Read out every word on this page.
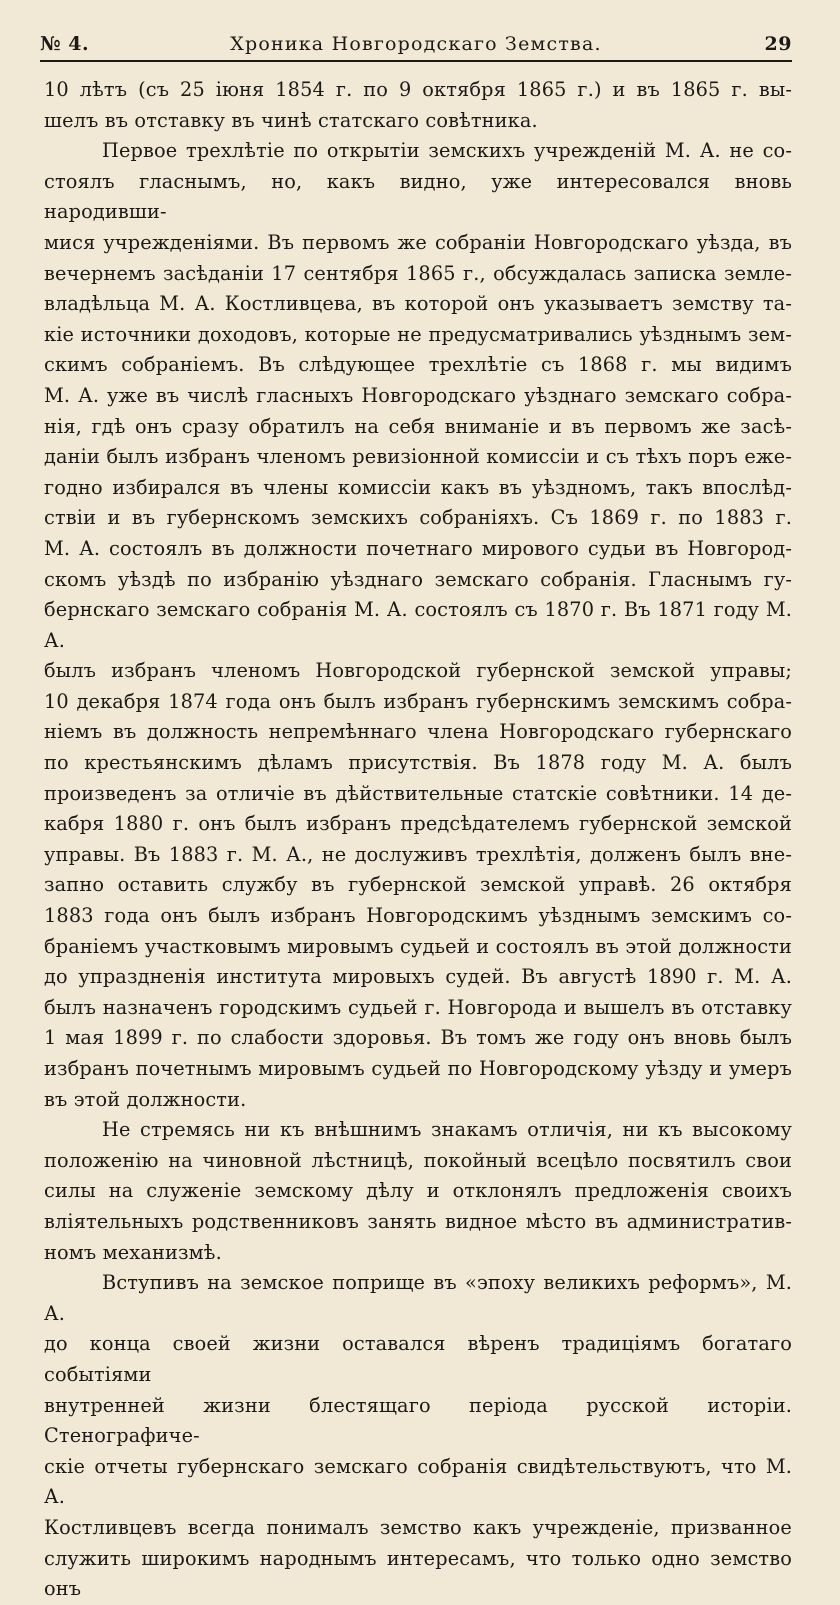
№ 4.	Хроника Новгородскаго Земства.	29

10 лѣтъ (съ 25 іюня 1854 г. по 9 октября 1865 г.) и въ 1865 г. вы-

шелъ въ отставку въ чинѣ статскаго совѣтника.

Первое трехлѣтіе по открытіи земскихъ учрежденій М. А. не со-

стоялъ гласнымъ, но, какъ видно, уже интересовался вновь народивши-

мися учрежденіями. Въ первомъ же собраніи Новгородскаго уѣзда, въ

вечернемъ засѣданіи 17 сентября 1865 г., обсуждалась записка земле-

владѣльца М. А. Костливцева, въ которой онъ указываетъ земству та-

кіе источники доходовъ, которые не предусматривались уѣзднымъ зем-

скимъ собраніемъ. Въ слѣдующее трехлѣтіе съ 1868 г. мы видимъ

М. А. уже въ числѣ гласныхъ Новгородскаго уѣзднаго земскаго собра-

нія, гдѣ онъ сразу обратилъ на себя вниманіе и въ первомъ же засѣ-

даніи былъ избранъ членомъ ревизіонной комиссіи и съ тѣхъ поръ еже-

годно избирался въ члены комиссіи какъ въ уѣздномъ, такъ впослѣд-

ствіи и въ губернскомъ земскихъ собраніяхъ. Съ 1869 г. по 1883 г.

М. А. состоялъ въ должности почетнаго мирового судьи въ Новгород-

скомъ уѣздѣ по избранію уѣзднаго земскаго собранія. Гласнымъ гу-

бернскаго земскаго собранія М. А. состоялъ съ 1870 г. Въ 1871 году М. А.

былъ избранъ членомъ Новгородской губернской земской управы;

10 декабря 1874 года онъ былъ избранъ губернскимъ земскимъ собра-

ніемъ въ должность непремѣннаго члена Новгородскаго губернскаго

по крестьянскимъ дѣламъ присутствія. Въ 1878 году М. А. былъ

произведенъ за отличіе въ дѣйствительные статскіе совѣтники. 14 де-

кабря 1880 г. онъ былъ избранъ предсѣдателемъ губернской земской

управы. Въ 1883 г. М. А., не дослуживъ трехлѣтія, долженъ былъ вне-

запно оставить службу въ губернской земской управѣ. 26 октября

1883 года онъ былъ избранъ Новгородскимъ уѣзднымъ земскимъ со-

браніемъ участковымъ мировымъ судьей и состоялъ въ этой должности

до упраздненія института мировыхъ судей. Въ августѣ 1890 г. М. А.

былъ назначенъ городскимъ судьей г. Новгорода и вышелъ въ отставку

1 мая 1899 г. по слабости здоровья. Въ томъ же году онъ вновь былъ

избранъ почетнымъ мировымъ судьей по Новгородскому уѣзду и умеръ

въ этой должности.

Не стремясь ни къ внѣшнимъ знакамъ отличія, ни къ высокому

положенію на чиновной лѣстницѣ, покойный всецѣло посвятилъ свои

силы на служеніе земскому дѣлу и отклонялъ предложенія своихъ

вліятельныхъ родственниковъ занять видное мѣсто въ административ-

номъ механизмѣ.

Вступивъ на земское поприще въ «эпоху великихъ реформъ», М. А.

до конца своей жизни оставался вѣренъ традиціямъ богатаго событіями

внутренней жизни блестящаго періода русской исторіи. Стенографиче-

скіе отчеты губернскаго земскаго собранія свидѣтельствуютъ, что М. А.

Костливцевъ всегда понималъ земство какъ учрежденіе, призванное

служить широкимъ народнымъ интересамъ, что только одно земство онъ
